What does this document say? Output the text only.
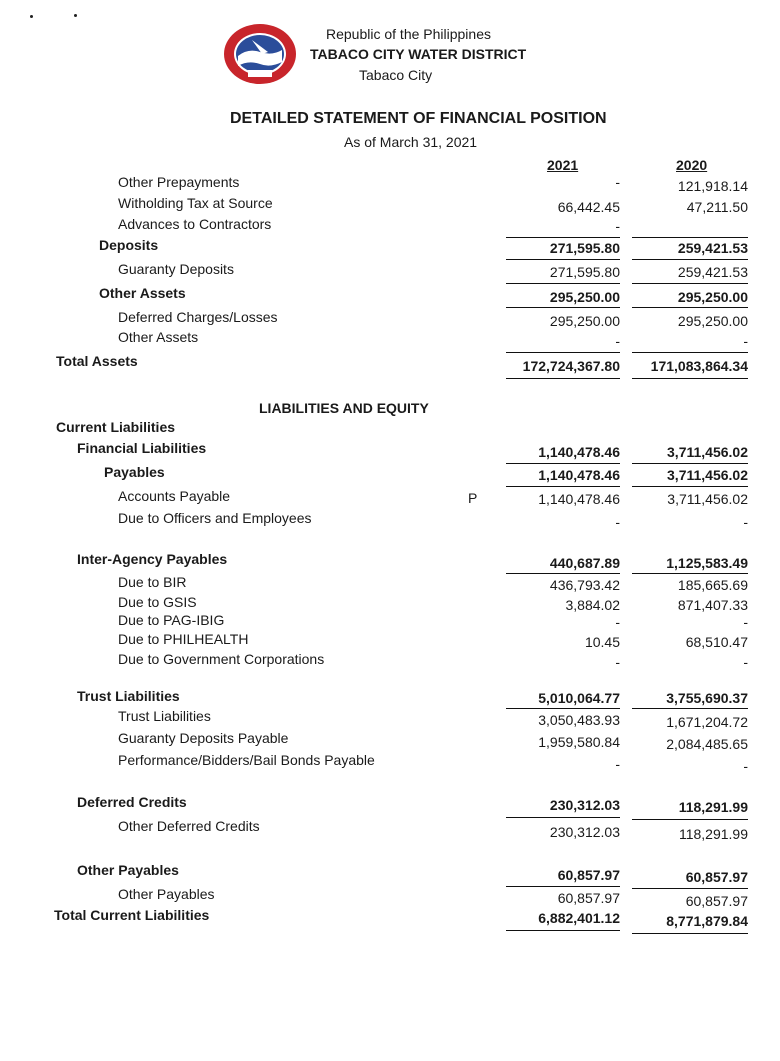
Republic of the Philippines
TABACO CITY WATER DISTRICT
Tabaco City
DETAILED STATEMENT OF FINANCIAL POSITION
As of March 31, 2021
2021	2020
Other Prepayments	-	121,918.14
Witholding Tax at Source	66,442.45	47,211.50
Advances to Contractors	-
Deposits	271,595.80	259,421.53
Guaranty Deposits	271,595.80	259,421.53
Other Assets	295,250.00	295,250.00
Deferred Charges/Losses	295,250.00	295,250.00
Other Assets	-	-
Total Assets	172,724,367.80 171,083,864.34
LIABILITIES AND EQUITY
Current Liabilities
Financial Liabilities	1,140,478.46	3,711,456.02
Payables	1,140,478.46	3,711,456.02
Accounts Payable	P	1,140,478.46	3,711,456.02
Due to Officers and Employees	-	-
Inter-Agency Payables	440,687.89	1,125,583.49
Due to BIR	436,793.42	185,665.69
Due to GSIS	3,884.02	871,407.33
Due to PAG-IBIG	-	-
Due to PHILHEALTH	10.45	68,510.47
Due to Government Corporations	-	-
Trust Liabilities	5,010,064.77	3,755,690.37
Trust Liabilities	3,050,483.93	1,671,204.72
Guaranty Deposits Payable	1,959,580.84	2,084,485.65
Performance/Bidders/Bail Bonds Payable	-	-
Deferred Credits	230,312.03	118,291.99
Other Deferred Credits	230,312.03	118,291.99
Other Payables	60,857.97	60,857.97
Other Payables	60,857.97	60,857.97
Total Current Liabilities	6,882,401.12	8,771,879.84
